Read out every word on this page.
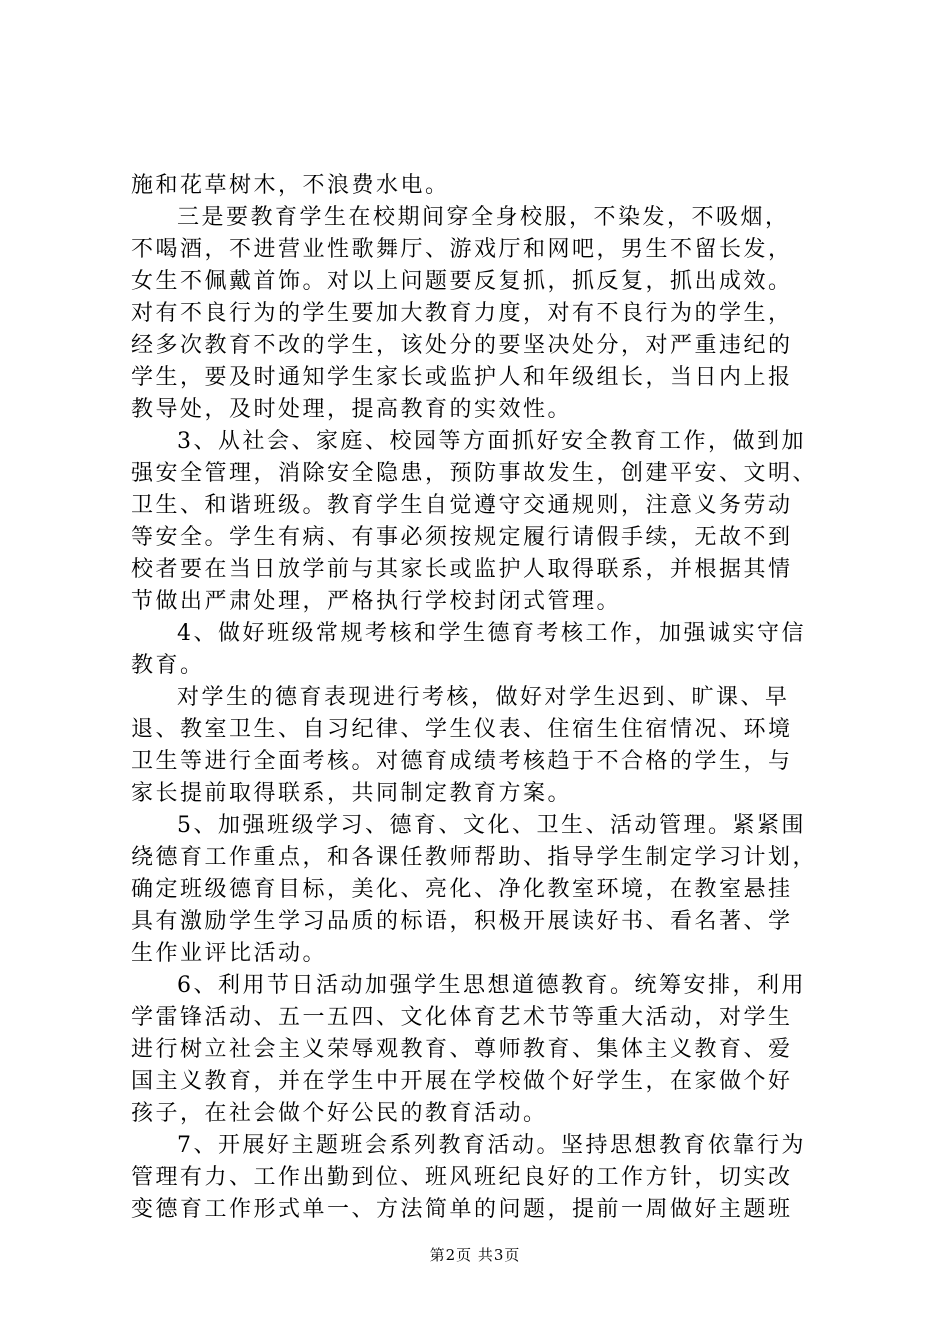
施和花草树木，不浪费水电。
三是要教育学生在校期间穿全身校服，不染发，不吸烟，
不喝酒，不进营业性歌舞厅、游戏厅和网吧，男生不留长发，
女生不佩戴首饰。对以上问题要反复抓，抓反复，抓出成效。
对有不良行为的学生要加大教育力度，对有不良行为的学生，
经多次教育不改的学生，该处分的要坚决处分，对严重违纪的
学生，要及时通知学生家长或监护人和年级组长，当日内上报
教导处，及时处理，提高教育的实效性。
3、从社会、家庭、校园等方面抓好安全教育工作，做到加
强安全管理，消除安全隐患，预防事故发生，创建平安、文明、
卫生、和谐班级。教育学生自觉遵守交通规则，注意义务劳动
等安全。学生有病、有事必须按规定履行请假手续，无故不到
校者要在当日放学前与其家长或监护人取得联系，并根据其情
节做出严肃处理，严格执行学校封闭式管理。
4、做好班级常规考核和学生德育考核工作，加强诚实守信
教育。
对学生的德育表现进行考核，做好对学生迟到、旷课、早
退、教室卫生、自习纪律、学生仪表、住宿生住宿情况、环境
卫生等进行全面考核。对德育成绩考核趋于不合格的学生，与
家长提前取得联系，共同制定教育方案。
5、加强班级学习、德育、文化、卫生、活动管理。紧紧围
绕德育工作重点，和各课任教师帮助、指导学生制定学习计划，
确定班级德育目标，美化、亮化、净化教室环境，在教室悬挂
具有激励学生学习品质的标语，积极开展读好书、看名著、学
生作业评比活动。
6、利用节日活动加强学生思想道德教育。统筹安排，利用
学雷锋活动、五一五四、文化体育艺术节等重大活动，对学生
进行树立社会主义荣辱观教育、尊师教育、集体主义教育、爱
国主义教育，并在学生中开展在学校做个好学生，在家做个好
孩子，在社会做个好公民的教育活动。
7、开展好主题班会系列教育活动。坚持思想教育依靠行为
管理有力、工作出勤到位、班风班纪良好的工作方针，切实改
变德育工作形式单一、方法简单的问题，提前一周做好主题班
第2页 共3页
